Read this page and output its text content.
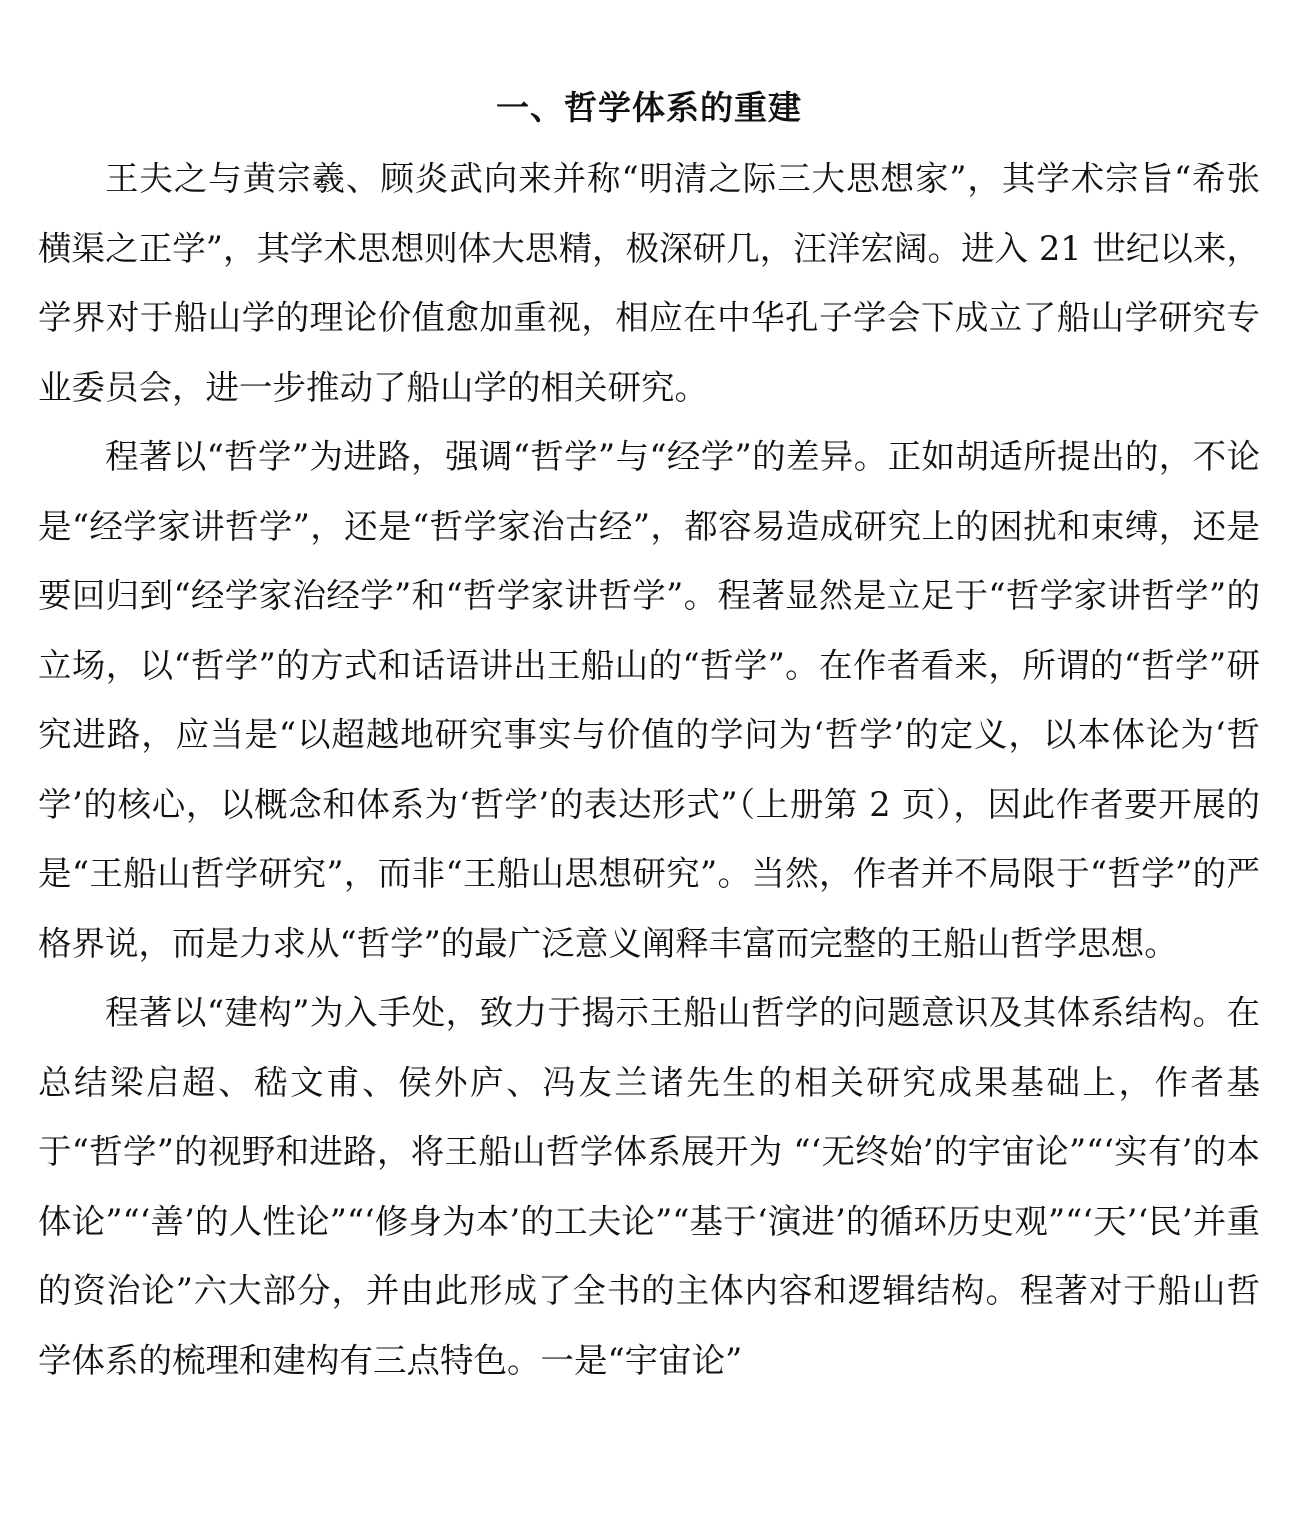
一、哲学体系的重建

王夫之与黄宗羲、顾炎武向来并称“明清之际三大思想家”，其学术宗旨“希张横渠之正学”，其学术思想则体大思精，极深研几，汪洋宏阔。进入 21 世纪以来，学界对于船山学的理论价值愈加重视，相应在中华孔子学会下成立了船山学研究专业委员会，进一步推动了船山学的相关研究。

程著以“哲学”为进路，强调“哲学”与“经学”的差异。正如胡适所提出的，不论是“经学家讲哲学”，还是“哲学家治古经”，都容易造成研究上的困扰和束缚，还是要回归到“经学家治经学”和“哲学家讲哲学”。程著显然是立足于“哲学家讲哲学”的立场，以“哲学”的方式和话语讲出王船山的“哲学”。在作者看来，所谓的“哲学”研究进路，应当是“以超越地研究事实与价值的学问为‘哲学’的定义，以本体论为‘哲学’的核心，以概念和体系为‘哲学’的表达形式”（上册第 2 页），因此作者要开展的是“王船山哲学研究”，而非“王船山思想研究”。当然，作者并不局限于“哲学”的严格界说，而是力求从“哲学”的最广泛意义阐释丰富而完整的王船山哲学思想。

程著以“建构”为入手处，致力于揭示王船山哲学的问题意识及其体系结构。在总结梁启超、嵇文甫、侯外庐、冯友兰诸先生的相关研究成果基础上，作者基于“哲学”的视野和进路，将王船山哲学体系展开为 “‘无终始’的宇宙论”“‘实有’的本体论”“‘善’的人性论”“‘修身为本’的工夫论”“基于‘演进’的循环历史观”“‘天’‘民’并重的资治论”六大部分，并由此形成了全书的主体内容和逻辑结构。程著对于船山哲学体系的梳理和建构有三点特色。一是“宇宙论”
